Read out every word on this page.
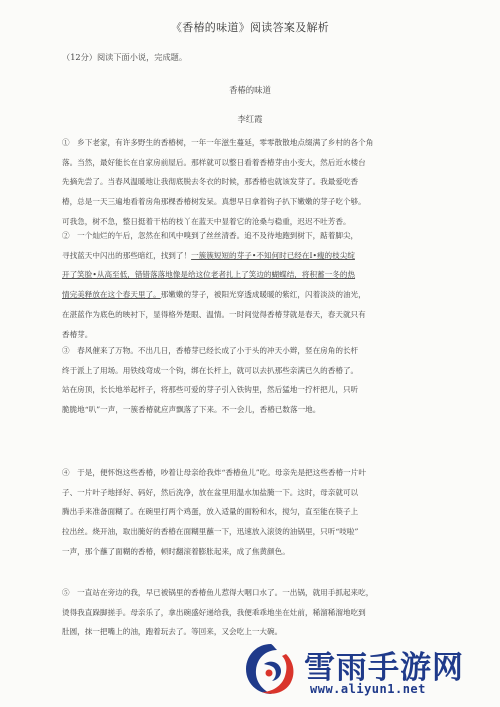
《香椿的味道》阅读答案及解析
（12分）阅读下面小说，完成题。
香椿的味道
李红霞
①　乡下老家，有许多野生的香椿树，一年一年滋生蔓延，零零散散地点缀满了乡村的各个角
落。当然，最好能长在自家房前屋后。那样就可以整日看着香椿芽由小变大，然后近水楼台
先摘先尝了。当春风温暖地让我彻底脱去冬衣的时候，那香椿也就该发芽了。我最爱吃香
椿，总是一天三遍地看着房角那棵香椿树发呆。真想早日拿着钩子扒下嫩嫩的芽子吃个够。
可我急，树不急，整日挺着干枯的枝丫在蓝天中显着它的沧桑与稳重，迟迟不吐芳香。
②　一个灿烂的午后，忽然在和风中嗅到了丝丝清香。追不及待地跑到树下，踮着脚尖，
寻找蓝天中闪出的那些暗红，找到了！一簇簇短短的芽子•不知何时已经在Ⅰ•瘦的枝尖绽
开了笑脸•从高至低，错错落落地像是给这位老者扎上了笑边的蝴蝶结，将积蓄一冬的热
情完美释放在这个春天里了。那嫩嫩的芽子，被阳光穿透成暖暖的紫红，闪着淡淡的油光，
在湛蓝作为底色的映衬下，显得格外楚眼、温情。一时间觉得香椿芽就是春天，春天就只有
香椿芽。
③　春风催来了万物。不出几日，香椿芽已经长成了小于头的冲天小辫，竖在房角的长杆
终于派上了用场。用铁线弯成一个钩，绑在长杆上，就可以去扒那些亲满已久的香椿了。
站在房顶，长长地举起杆子，将那些可爱的芽子引入铁钩里，然后猛地一拧杆把儿，只听
脆脆地“叭”一声，一簇香椿就应声飘落了下来。不一会儿，香椿已数落一地。
④　于是，便怀饱这些香椿，吵着让母亲给我炸“香椿鱼儿”吃。母亲先是把这些香椿一片叶
子、一片叶子地择好、码好，然后洗净，放在盆里用温水加盐腌一下。这时，母亲就可以
腾出手来准备面糊了。在碗里打两个鸡蛋，放入适量的面粉和水，搅匀，直至能在筷子上
拉出丝。烧开油，取出腌好的香椿在面糊里蘸一下，迅速放入滚烫的油锅里，只听“吱啦”
一声，那个蘸了面糊的香椿，顿时翻滚着膨胀起来，成了焦黄颜色。
⑤　一直站在旁边的我，早已被锅里的香椿鱼儿惹得大咽口水了。一出锅，就用手抓起来吃，
烫得我直跺脚搓手。母亲乐了，拿出碗盛好递给我，我便乖乖地坐在灶前，稀溜稀溜地吃到
肚圆，抹一把嘴上的油，跑着玩去了。等回来，又会吃上一大碗。
雪雨手游网
www.aliyun1.net
